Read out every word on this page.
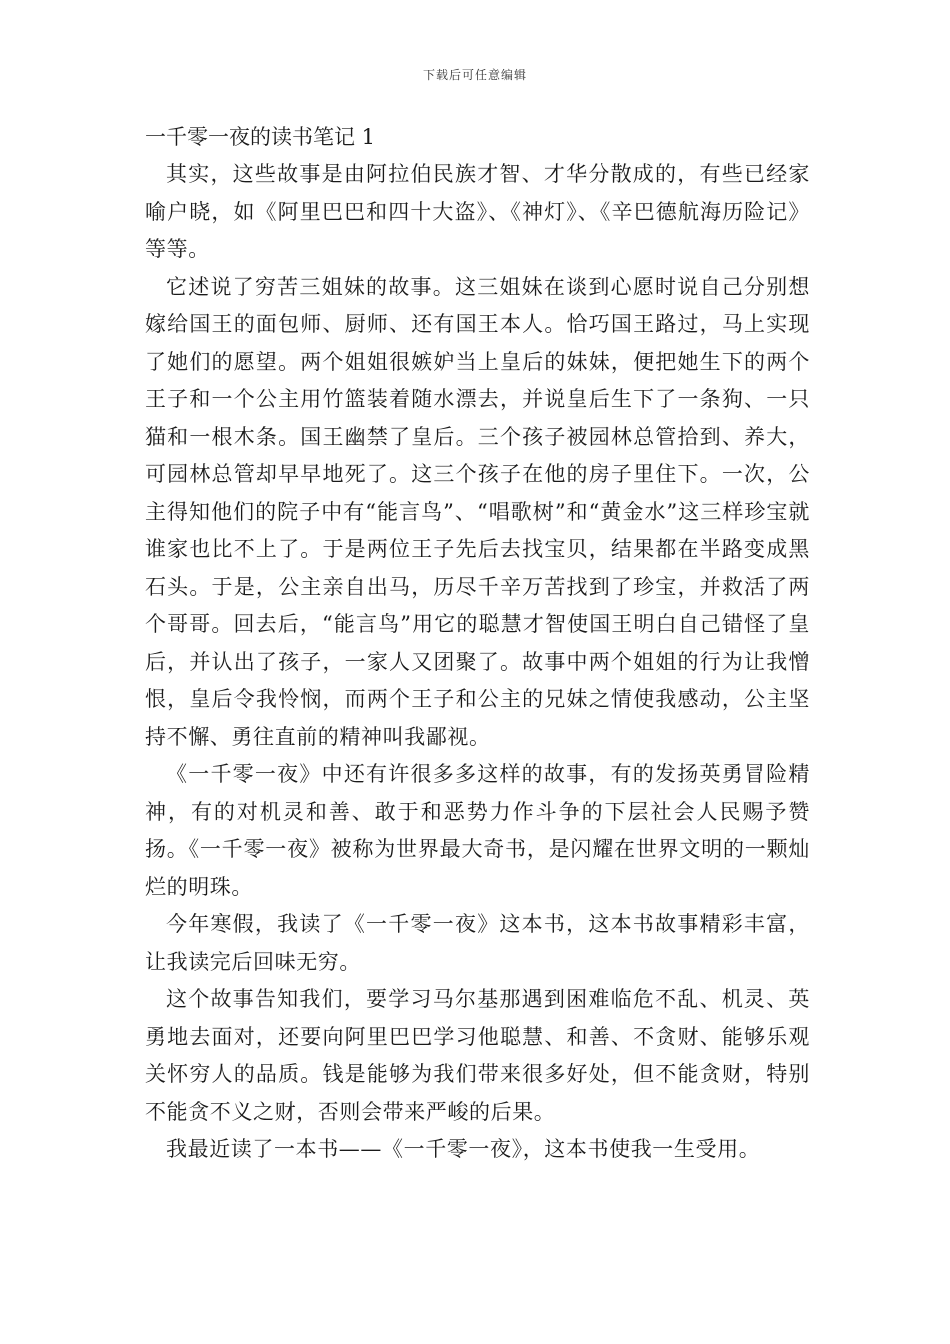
下载后可任意编辑
一千零一夜的读书笔记 1

其实，这些故事是由阿拉伯民族才智、才华分散成的，有些已经家喻户晓，如《阿里巴巴和四十大盗》、《神灯》、《辛巴德航海历险记》等等。

它述说了穷苦三姐妹的故事。这三姐妹在谈到心愿时说自己分别想嫁给国王的面包师、厨师、还有国王本人。恰巧国王路过，马上实现了她们的愿望。两个姐姐很嫉妒当上皇后的妹妹，便把她生下的两个王子和一个公主用竹篮装着随水漂去，并说皇后生下了一条狗、一只猫和一根木条。国王幽禁了皇后。三个孩子被园林总管拾到、养大，可园林总管却早早地死了。这三个孩子在他的房子里住下。一次，公主得知他们的院子中有“能言鸟”、“唱歌树”和“黄金水”这三样珍宝就谁家也比不上了。于是两位王子先后去找宝贝，结果都在半路变成黑石头。于是，公主亲自出马，历尽千辛万苦找到了珍宝，并救活了两个哥哥。回去后，“能言鸟”用它的聪慧才智使国王明白自己错怪了皇后，并认出了孩子，一家人又团聚了。故事中两个姐姐的行为让我憎恨，皇后令我怜悯，而两个王子和公主的兄妹之情使我感动，公主坚持不懈、勇往直前的精神叫我鄙视。

《一千零一夜》中还有许很多多这样的故事，有的发扬英勇冒险精神，有的对机灵和善、敢于和恶势力作斗争的下层社会人民赐予赞扬。《一千零一夜》被称为世界最大奇书，是闪耀在世界文明的一颗灿烂的明珠。

今年寒假，我读了《一千零一夜》这本书，这本书故事精彩丰富，让我读完后回味无穷。

这个故事告知我们，要学习马尔基那遇到困难临危不乱、机灵、英勇地去面对，还要向阿里巴巴学习他聪慧、和善、不贪财、能够乐观关怀穷人的品质。钱是能够为我们带来很多好处，但不能贪财，特别不能贪不义之财，否则会带来严峻的后果。

我最近读了一本书——《一千零一夜》，这本书使我一生受用。
